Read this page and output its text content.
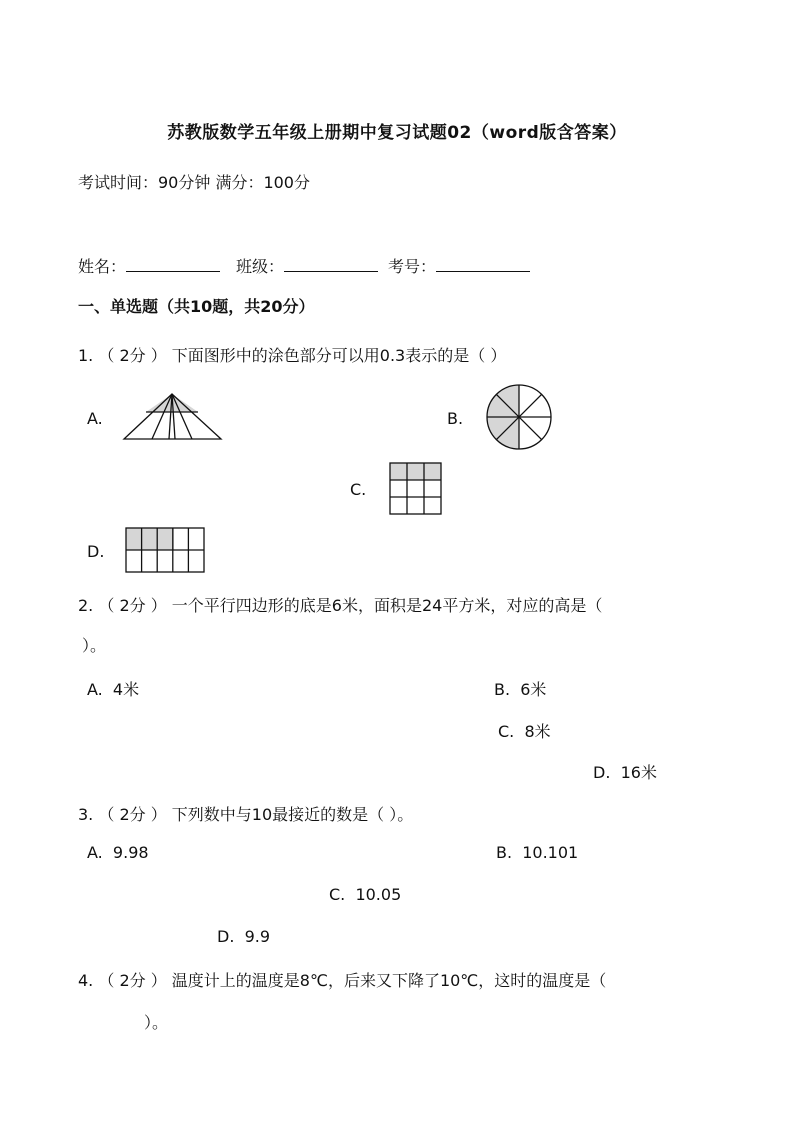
苏教版数学五年级上册期中复习试题02（word版含答案）
考试时间：90分钟 满分：100分
姓名：	班级：	考号：
一、单选题（共10题，共20分）
1. （ 2分 ） 下面图形中的涂色部分可以用0.3表示的是（ ）
A.	B.
C.
D.
2. （ 2分 ） 一个平行四边形的底是6米，面积是24平方米，对应的高是（
）。
A. 4米	B. 6米
C. 8米
D. 16米
3. （ 2分 ） 下列数中与10最接近的数是（ ）。
A. 9.98	B. 10.101
C. 10.05
D. 9.9
4. （ 2分 ） 温度计上的温度是8℃，后来又下降了10℃，这时的温度是（
）。
